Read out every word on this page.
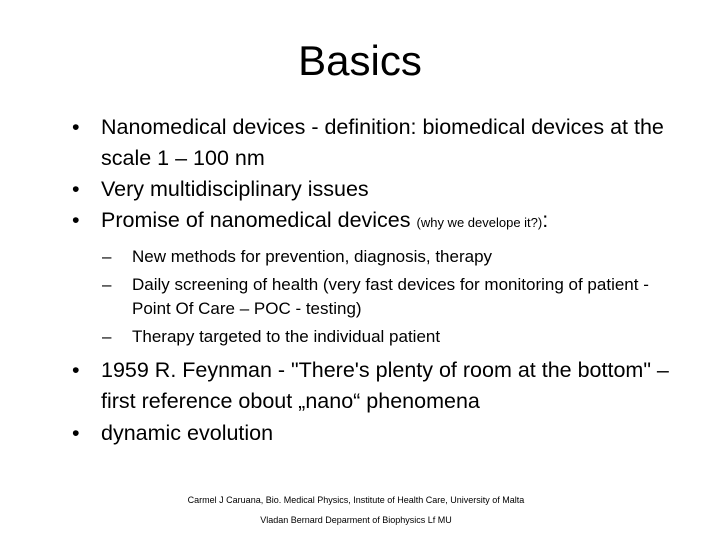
Basics
• Nanomedical devices - definition: biomedical devices at the scale 1 – 100 nm
• Very multidisciplinary issues
• Promise of nanomedical devices (why we develope it?):
– New methods for prevention, diagnosis, therapy
– Daily screening of health (very fast devices for monitoring of patient - Point Of Care – POC - testing)
– Therapy targeted to the individual patient
• 1959 R. Feynman - "There's plenty of room at the bottom" – first reference obout „nano“ phenomena
• dynamic evolution
Carmel J Caruana, Bio. Medical Physics, Institute of Health Care, University of Malta
Vladan Bernard Deparment of Biophysics Lf MU
